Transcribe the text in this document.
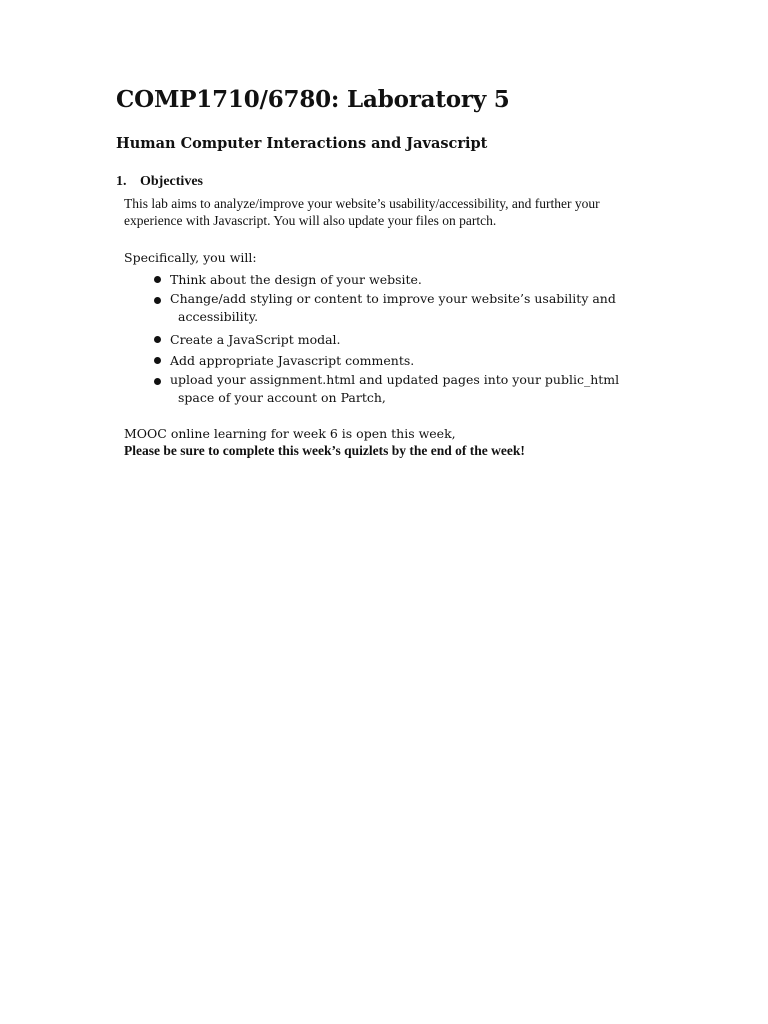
COMP1710/6780: Laboratory 5
Human Computer Interactions and Javascript
1. Objectives

This lab aims to analyze/improve your website’s usability/accessibility, and further your experience with Javascript. You will also update your files on partch.

Specifically, you will:

Think about the design of your website.
Change/add styling or content to improve your website’s usability and
accessibility.
Create a JavaScript modal.
Add appropriate Javascript comments.
upload your assignment.html and updated pages into your public_html
space of your account on Partch,

MOOC online learning for week 6 is open this week,

Please be sure to complete this week’s quizlets by the end of the week!
